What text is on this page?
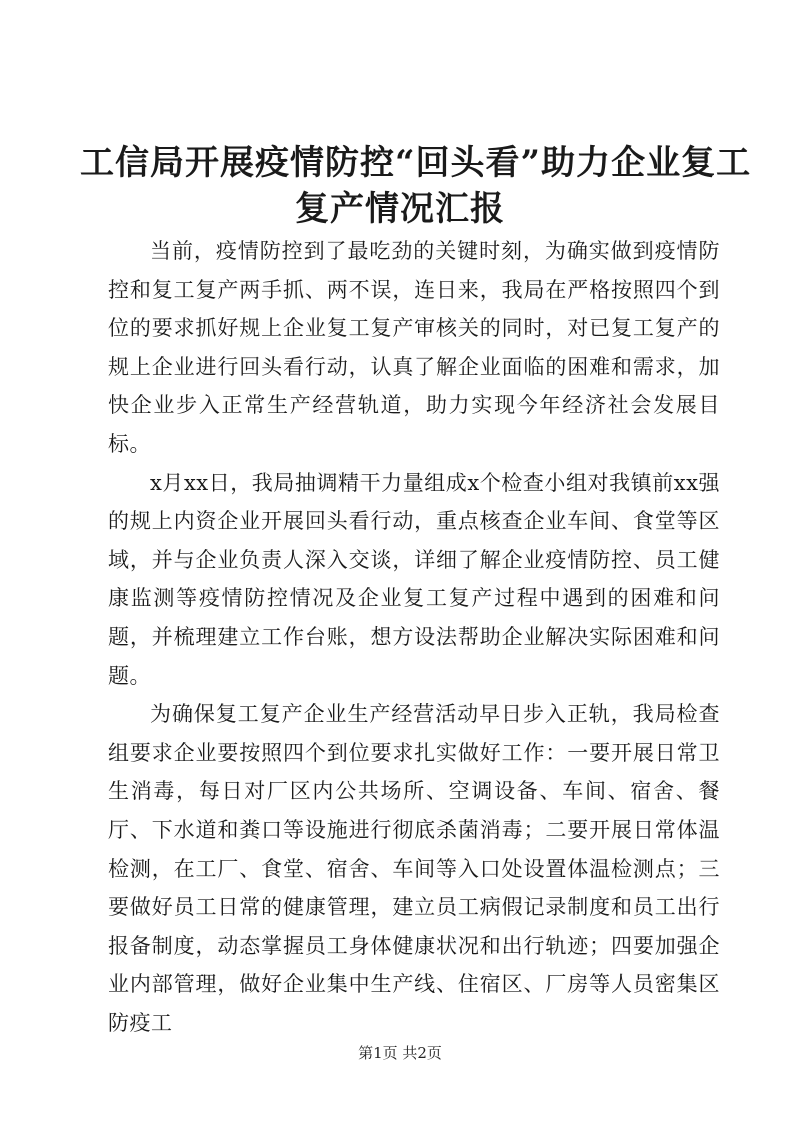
工信局开展疫情防控“回头看”助力企业复工
复产情况汇报

当前，疫情防控到了最吃劲的关键时刻，为确实做到疫情防控和复工复产两手抓、两不误，连日来，我局在严格按照四个到位的要求抓好规上企业复工复产审核关的同时，对已复工复产的规上企业进行回头看行动，认真了解企业面临的困难和需求，加快企业步入正常生产经营轨道，助力实现今年经济社会发展目标。

x月xx日，我局抽调精干力量组成x个检查小组对我镇前xx强的规上内资企业开展回头看行动，重点核查企业车间、食堂等区域，并与企业负责人深入交谈，详细了解企业疫情防控、员工健康监测等疫情防控情况及企业复工复产过程中遇到的困难和问题，并梳理建立工作台账，想方设法帮助企业解决实际困难和问题。

为确保复工复产企业生产经营活动早日步入正轨，我局检查组要求企业要按照四个到位要求扎实做好工作：一要开展日常卫生消毒，每日对厂区内公共场所、空调设备、车间、宿舍、餐厅、下水道和粪口等设施进行彻底杀菌消毒；二要开展日常体温检测，在工厂、食堂、宿舍、车间等入口处设置体温检测点；三要做好员工日常的健康管理，建立员工病假记录制度和员工出行报备制度，动态掌握员工身体健康状况和出行轨迹；四要加强企业内部管理，做好企业集中生产线、住宿区、厂房等人员密集区防疫工

第1页 共2页
